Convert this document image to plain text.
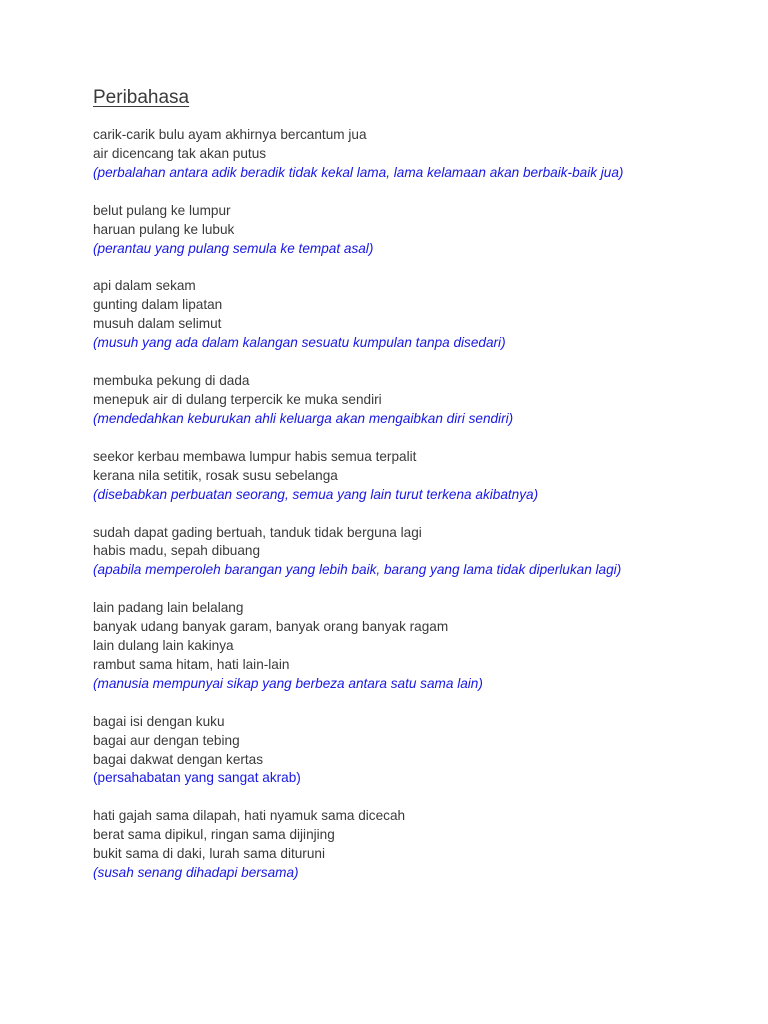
Peribahasa
carik-carik bulu ayam akhirnya bercantum jua
air dicencang tak akan putus
(perbalahan antara adik beradik tidak kekal lama, lama kelamaan akan berbaik-baik jua)
belut pulang ke lumpur
haruan pulang ke lubuk
(perantau yang pulang semula ke tempat asal)
api dalam sekam
gunting dalam lipatan
musuh dalam selimut
(musuh yang ada dalam kalangan sesuatu kumpulan tanpa disedari)
membuka pekung di dada
menepuk air di dulang terpercik ke muka sendiri
(mendedahkan keburukan ahli keluarga akan mengaibkan diri sendiri)
seekor kerbau membawa lumpur habis semua terpalit
kerana nila setitik, rosak susu sebelanga
(disebabkan perbuatan seorang, semua yang lain turut terkena akibatnya)
sudah dapat gading bertuah, tanduk tidak berguna lagi
habis madu, sepah dibuang
(apabila memperoleh barangan yang lebih baik, barang yang lama tidak diperlukan lagi)
lain padang lain belalang
banyak udang banyak garam, banyak orang banyak ragam
lain dulang lain kakinya
rambut sama hitam, hati lain-lain
(manusia mempunyai sikap yang berbeza antara satu sama lain)
bagai isi dengan kuku
bagai aur dengan tebing
bagai dakwat dengan kertas
(persahabatan yang sangat akrab)
hati gajah sama dilapah, hati nyamuk sama dicecah
berat sama dipikul, ringan sama dijinjing
bukit sama di daki, lurah sama dituruni
(susah senang dihadapi bersama)
